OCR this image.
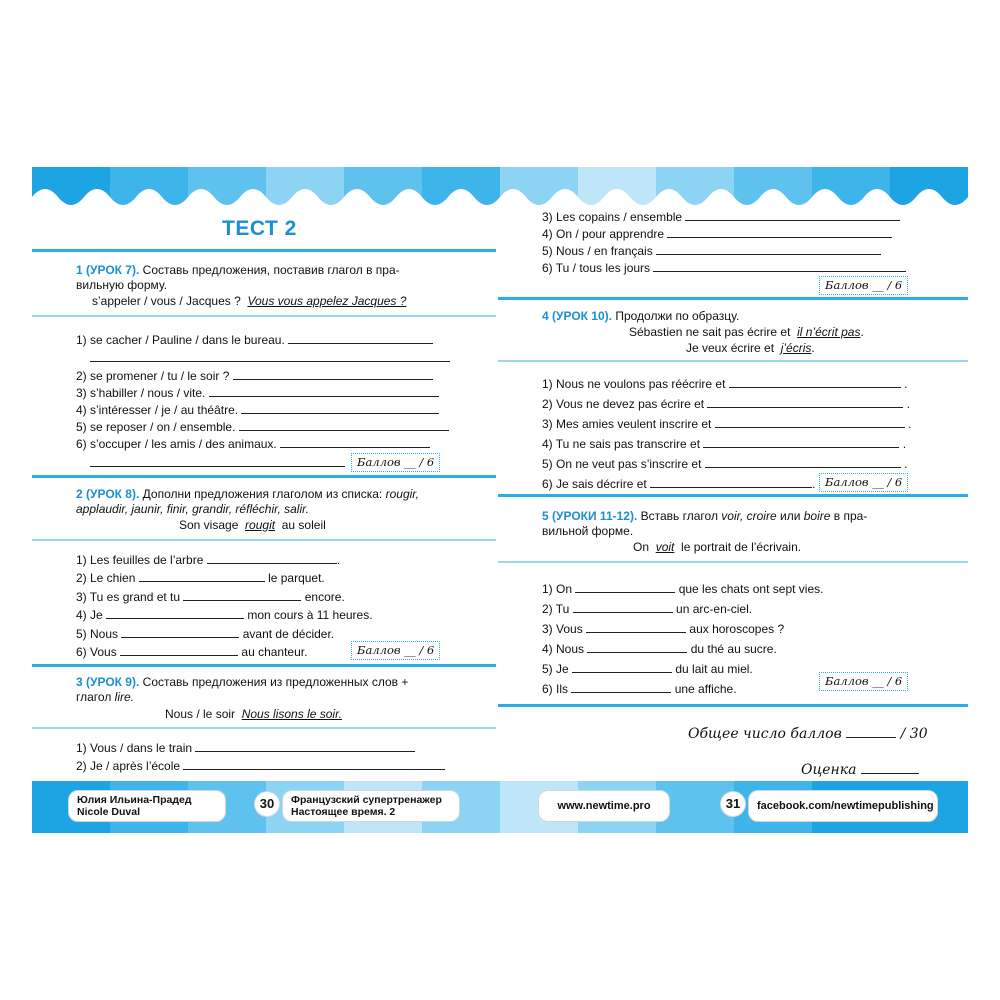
ТЕСТ 2
1 (УРОК 7). Составь предложения, поставив глагол в пра-
вильную форму.
s’appeler / vous / Jacques ? Vous vous appelez Jacques ?
1) se cacher / Pauline / dans le bureau.
2) se promener / tu / le soir ?
3) s’habiller / nous / vite.
4) s’intéresser / je / au théâtre.
5) se reposer / on / ensemble.
6) s’occuper / les amis / des animaux.
Баллов __ / 6
2 (УРОК 8). Дополни предложения глаголом из списка: rougir,
applaudir, jaunir, finir, grandir, réfléchir, salir.
Son visage rougit au soleil
1) Les feuilles de l’arbre	.
2) Le chien	le parquet.
3) Tu es grand et tu	encore.
4) Je	mon cours à 11 heures.
5) Nous	avant de décider.
6) Vous	au chanteur.	Баллов __ / 6
3 (УРОК 9). Составь предложения из предложенных слов +
глагол lire.
Nous / le soir Nous lisons le soir.
1) Vous / dans le train
2) Je / après l’école
3) Les copains / ensemble
4) On / pour apprendre
5) Nous / en français
6) Tu / tous les jours
Баллов __ / 6
4 (УРОК 10). Продолжи по образцу.
Sébastien ne sait pas écrire et il n’écrit pas.
Je veux écrire et j’écris.
1) Nous ne voulons pas réécrire et	.
2) Vous ne devez pas écrire et	.
3) Mes amies veulent inscrire et	.
4) Tu ne sais pas transcrire et	.
5) On ne veut pas s’inscrire et	.
6) Je sais décrire et	. Баллов __ / 6
5 (УРОКИ 11-12). Вставь глагол voir, croire или boire в пра-
вильной форме.
On voit le portrait de l’écrivain.
1) On	que les chats ont sept vies.
2) Tu	un arc-en-ciel.
3) Vous	aux horoscopes ?
4) Nous	du thé au sucre.
5) Je	du lait au miel.
6) Ils	une affiche.
Баллов __ / 6
Общее число баллов	/ 30
Оценка
Юлия Ильина-Прадед
Nicole Duval
30	Французский супертренажер
Настоящее время. 2	www.newtime.pro	31	facebook.com/newtimepublishing
